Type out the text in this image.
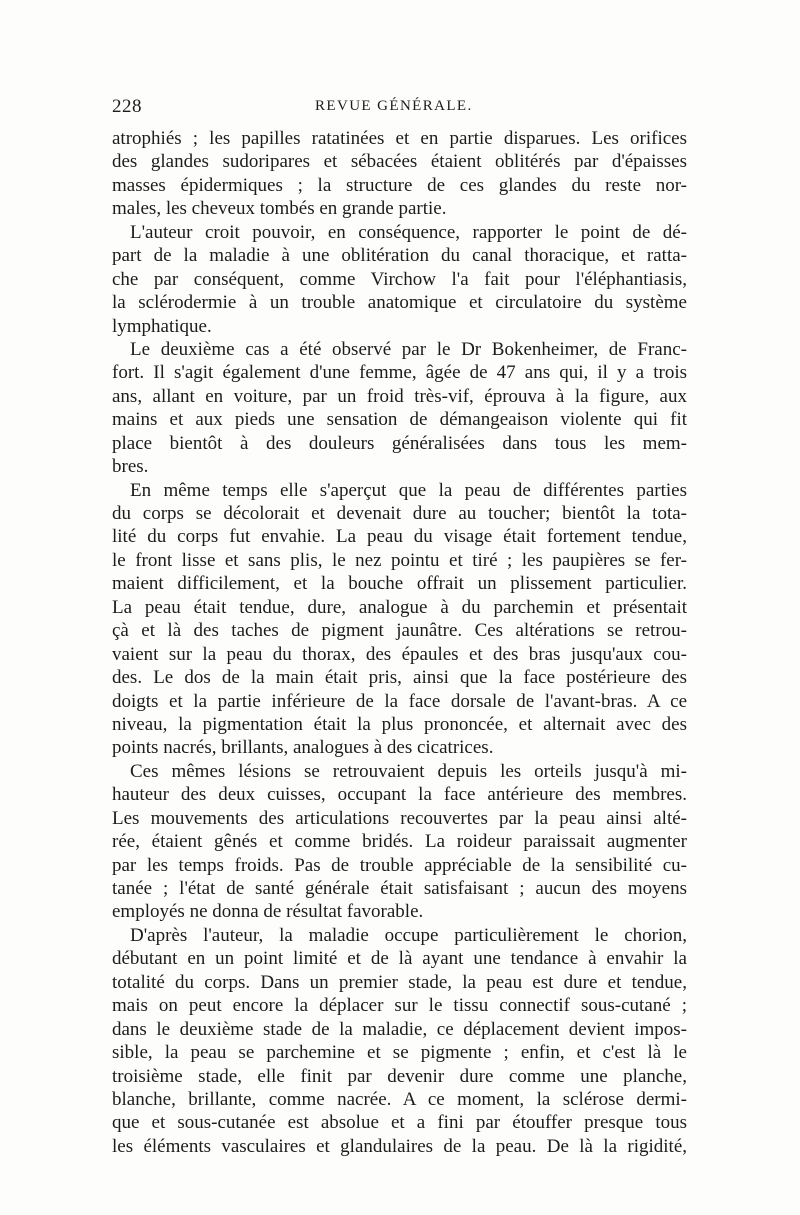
228	REVUE GÉNÉRALE.
atrophiés ; les papilles ratatinées et en partie disparues. Les orifices
des glandes sudoripares et sébacées étaient oblitérés par d'épaisses
masses épidermiques ; la structure de ces glandes du reste nor-
males, les cheveux tombés en grande partie.
L'auteur croit pouvoir, en conséquence, rapporter le point de dé-
part de la maladie à une oblitération du canal thoracique, et ratta-
che par conséquent, comme Virchow l'a fait pour l'éléphantiasis,
la sclérodermie à un trouble anatomique et circulatoire du système
lymphatique.
Le deuxième cas a été observé par le Dr Bokenheimer, de Franc-
fort. Il s'agit également d'une femme, âgée de 47 ans qui, il y a trois
ans, allant en voiture, par un froid très-vif, éprouva à la figure, aux
mains et aux pieds une sensation de démangeaison violente qui fit
place bientôt à des douleurs généralisées dans tous les mem-
bres.
En même temps elle s'aperçut que la peau de différentes parties
du corps se décolorait et devenait dure au toucher; bientôt la tota-
lité du corps fut envahie. La peau du visage était fortement tendue,
le front lisse et sans plis, le nez pointu et tiré ; les paupières se fer-
maient difficilement, et la bouche offrait un plissement particulier.
La peau était tendue, dure, analogue à du parchemin et présentait
çà et là des taches de pigment jaunâtre. Ces altérations se retrou-
vaient sur la peau du thorax, des épaules et des bras jusqu'aux cou-
des. Le dos de la main était pris, ainsi que la face postérieure des
doigts et la partie inférieure de la face dorsale de l'avant-bras. A ce
niveau, la pigmentation était la plus prononcée, et alternait avec des
points nacrés, brillants, analogues à des cicatrices.
Ces mêmes lésions se retrouvaient depuis les orteils jusqu'à mi-
hauteur des deux cuisses, occupant la face antérieure des membres.
Les mouvements des articulations recouvertes par la peau ainsi alté-
rée, étaient gênés et comme bridés. La roideur paraissait augmenter
par les temps froids. Pas de trouble appréciable de la sensibilité cu-
tanée ; l'état de santé générale était satisfaisant ; aucun des moyens
employés ne donna de résultat favorable.
D'après l'auteur, la maladie occupe particulièrement le chorion,
débutant en un point limité et de là ayant une tendance à envahir la
totalité du corps. Dans un premier stade, la peau est dure et tendue,
mais on peut encore la déplacer sur le tissu connectif sous-cutané ;
dans le deuxième stade de la maladie, ce déplacement devient impos-
sible, la peau se parchemine et se pigmente ; enfin, et c'est là le
troisième stade, elle finit par devenir dure comme une planche,
blanche, brillante, comme nacrée. A ce moment, la sclérose dermi-
que et sous-cutanée est absolue et a fini par étouffer presque tous
les éléments vasculaires et glandulaires de la peau. De là la rigidité,
